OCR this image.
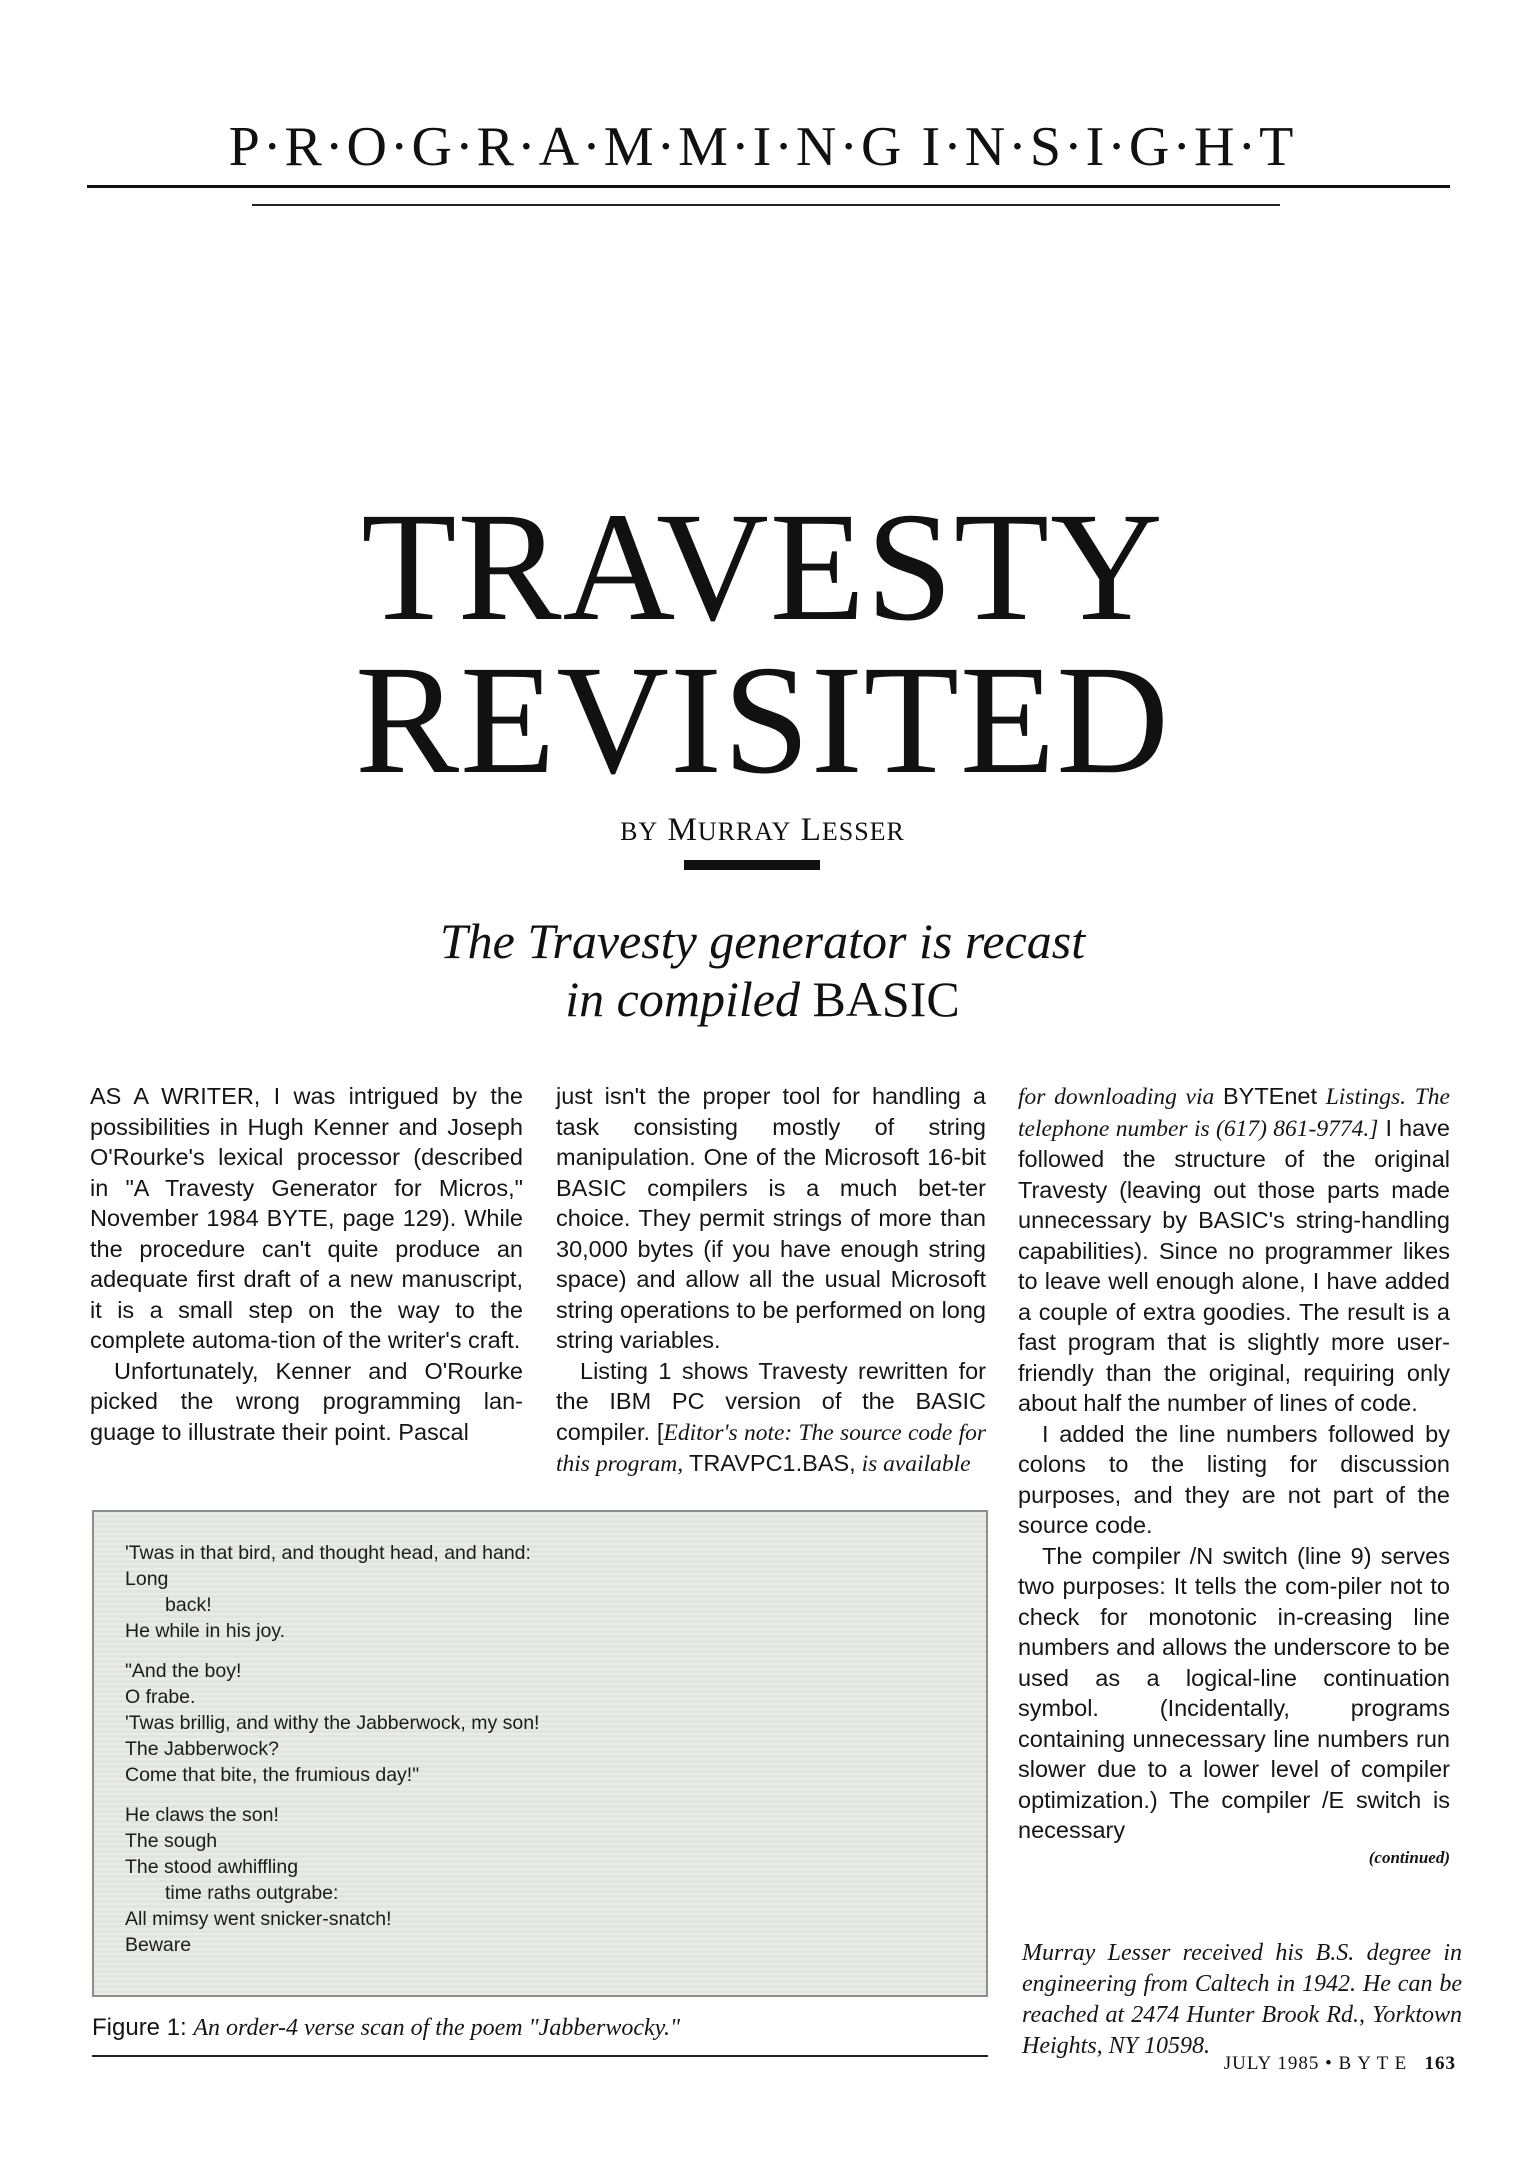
P·R·O·G·R·A·M·M·I·N·G I·N·S·I·G·H·T
TRAVESTY
REVISITED
BY MURRAY LESSER
The Travesty generator is recast
in compiled BASIC

AS A WRITER, I was intrigued by the possibilities in Hugh Kenner and Joseph O'Rourke's lexical processor (described in "A Travesty Generator for Micros," November 1984 BYTE, page 129). While the procedure can't quite produce an adequate first draft of a new manuscript, it is a small step on the way to the complete automa-tion of the writer's craft.

Unfortunately, Kenner and O'Rourke picked the wrong programming lan-guage to illustrate their point. Pascal

just isn't the proper tool for handling a task consisting mostly of string manipulation. One of the Microsoft 16-bit BASIC compilers is a much bet-ter choice. They permit strings of more than 30,000 bytes (if you have enough string space) and allow all the usual Microsoft string operations to be performed on long string variables.

Listing 1 shows Travesty rewritten for the IBM PC version of the BASIC compiler. [Editor's note: The source code for this program, TRAVPC1.BAS, is available

for downloading via BYTEnet Listings. The telephone number is (617) 861-9774.] I have followed the structure of the original Travesty (leaving out those parts made unnecessary by BASIC's string-handling capabilities). Since no programmer likes to leave well enough alone, I have added a couple of extra goodies. The result is a fast program that is slightly more user-friendly than the original, requiring only about half the number of lines of code.

I added the line numbers followed by colons to the listing for discussion purposes, and they are not part of the source code.

The compiler /N switch (line 9) serves two purposes: It tells the com-piler not to check for monotonic in-creasing line numbers and allows the underscore to be used as a logical-line continuation symbol. (Incidentally, programs containing unnecessary line numbers run slower due to a lower level of compiler optimization.) The compiler /E switch is necessary

(continued)
Murray Lesser received his B.S. degree in engineering from Caltech in 1942. He can be reached at 2474 Hunter Brook Rd., Yorktown Heights, NY 10598.
'Twas in that bird, and thought head, and hand:
Long
back!
He while in his joy.
"And the boy!
O frabe.
'Twas brillig, and withy the Jabberwock, my son!
The Jabberwock?
Come that bite, the frumious day!"
He claws the son!
The sough
The stood awhiffling
time raths outgrabe:
All mimsy went snicker-snatch!
Beware
Figure 1: An order-4 verse scan of the poem "Jabberwocky."
JULY 1985 • B Y T E 163
